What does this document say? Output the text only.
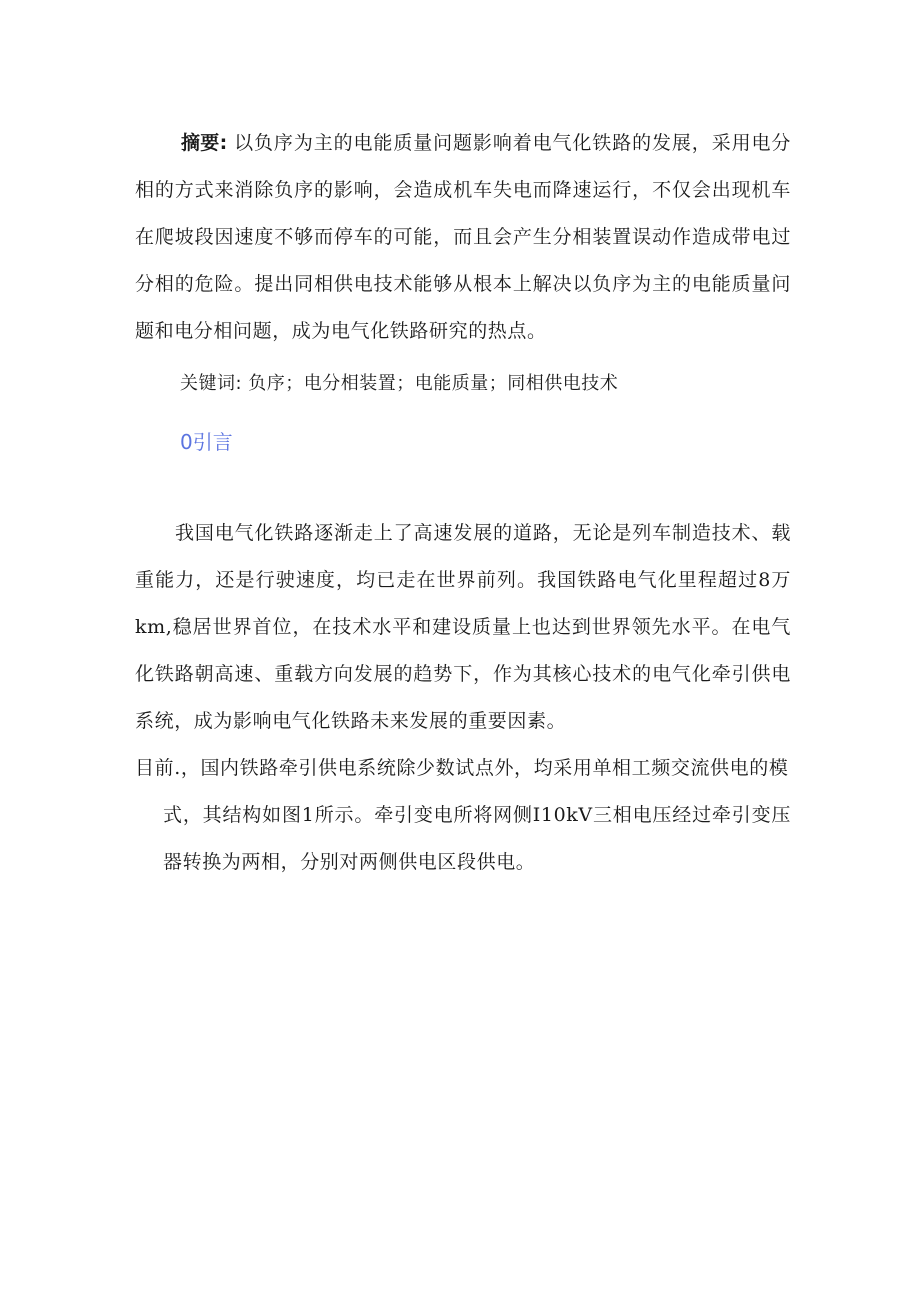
摘要: 以负序为主的电能质量问题影响着电气化铁路的发展，采用电分相的方式来消除负序的影响，会造成机车失电而降速运行，不仅会出现机车在爬坡段因速度不够而停车的可能，而且会产生分相装置误动作造成带电过分相的危险。提出同相供电技术能够从根本上解决以负序为主的电能质量问题和电分相问题，成为电气化铁路研究的热点。

关键词: 负序；电分相装置；电能质量；同相供电技术

0引言

我国电气化铁路逐渐走上了高速发展的道路，无论是列车制造技术、载重能力，还是行驶速度，均已走在世界前列。我国铁路电气化里程超过8万km,稳居世界首位，在技术水平和建设质量上也达到世界领先水平。在电气化铁路朝高速、重载方向发展的趋势下，作为其核心技术的电气化牵引供电系统，成为影响电气化铁路未来发展的重要因素。

目前.，国内铁路牵引供电系统除少数试点外，均采用单相工频交流供电的模
式，其结构如图1所示。牵引变电所将网侧I10kV三相电压经过牵引变压器转换为两相，分别对两侧供电区段供电。
